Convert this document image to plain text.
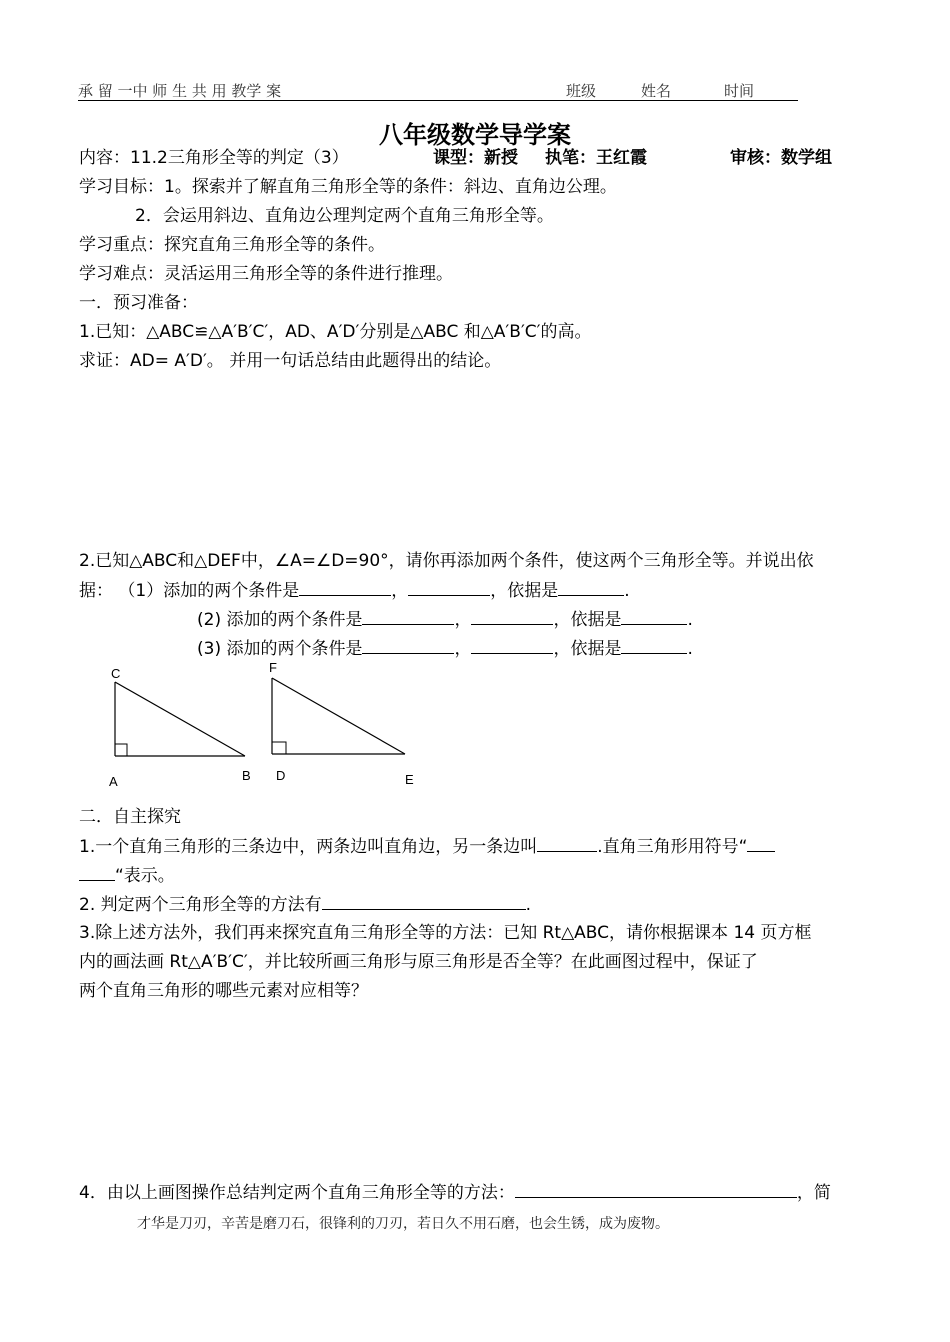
承 留 一中 师 生 共 用 教学 案	班级	姓名	时间
八年级数学导学案
内容：11.2三角形全等的判定（3）	课型：新授 执笔：王红霞	审核：数学组
学习目标：1。探索并了解直角三角形全等的条件：斜边、直角边公理。
2．会运用斜边、直角边公理判定两个直角三角形全等。
学习重点：探究直角三角形全等的条件。
学习难点：灵活运用三角形全等的条件进行推理。
一．预习准备：
1.已知：△ABC≌△A′B′C′，AD、A′D′分别是△ABC 和△A′B′C′的高。
求证：AD= A′D′。 并用一句话总结由此题得出的结论。
2.已知△ABC和△DEF中，∠A=∠D=90°，请你再添加两个条件，使这两个三角形全等。并说出依
据： （1）添加的两个条件是	，	，依据是	.
(2) 添加的两个条件是	，	，依据是	.
(3) 添加的两个条件是	，	，依据是	.
C
A	B
F
D	E
二．自主探究
1.一个直角三角形的三条边中，两条边叫直角边，另一条边叫	.直角三角形用符号“
“表示。
2. 判定两个三角形全等的方法有	.
3.除上述方法外，我们再来探究直角三角形全等的方法：已知 Rt△ABC，请你根据课本 14 页方框
内的画法画 Rt△A′B′C′，并比较所画三角形与原三角形是否全等？在此画图过程中，保证了
两个直角三角形的哪些元素对应相等？
4．由以上画图操作总结判定两个直角三角形全等的方法：	，简
才华是刀刃，辛苦是磨刀石，很锋利的刀刃，若日久不用石磨，也会生锈，成为废物。
